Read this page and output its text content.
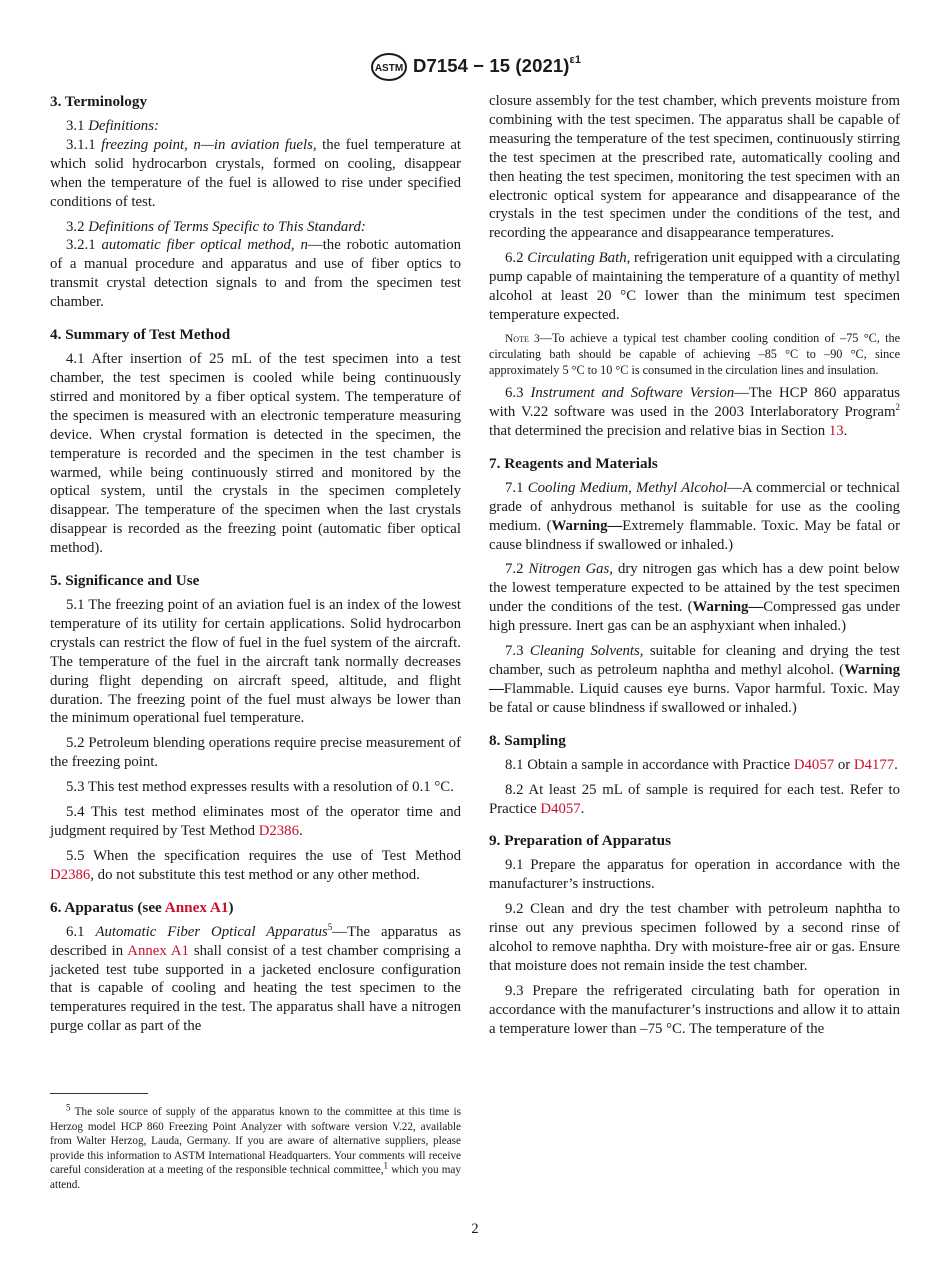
ASTM D7154 − 15 $(2021)^{\varepsilon 1}$
3. Terminology

3.1 Definitions:

3.1.1 freezing point, n—in aviation fuels, the fuel temperature at which solid hydrocarbon crystals, formed on cooling, disappear when the temperature of the fuel is allowed to rise under specified conditions of test.

3.2 Definitions of Terms Specific to This Standard:

3.2.1 automatic fiber optical method, n—the robotic automation of a manual procedure and apparatus and use of fiber optics to transmit crystal detection signals to and from the specimen test chamber.

4. Summary of Test Method

4.1 After insertion of 25 mL of the test specimen into a test chamber, the test specimen is cooled while being continuously stirred and monitored by a fiber optical system. The temperature of the specimen is measured with an electronic temperature measuring device. When crystal formation is detected in the specimen, the temperature is recorded and the specimen in the test chamber is warmed, while being continuously stirred and monitored by the optical system, until the crystals in the specimen completely disappear. The temperature of the specimen when the last crystals disappear is recorded as the freezing point (automatic fiber optical method).

5. Significance and Use

5.1 The freezing point of an aviation fuel is an index of the lowest temperature of its utility for certain applications. Solid hydrocarbon crystals can restrict the flow of fuel in the fuel system of the aircraft. The temperature of the fuel in the aircraft tank normally decreases during flight depending on aircraft speed, altitude, and flight duration. The freezing point of the fuel must always be lower than the minimum operational fuel temperature.

5.2 Petroleum blending operations require precise measurement of the freezing point.

5.3 This test method expresses results with a resolution of 0.1 °C.

5.4 This test method eliminates most of the operator time and judgment required by Test Method D2386.

5.5 When the specification requires the use of Test Method D2386, do not substitute this test method or any other method.

6. Apparatus (see Annex A1)

6.1 Automatic Fiber Optical Apparatus$^5$—The apparatus as described in Annex A1 shall consist of a test chamber comprising a jacketed test tube supported in a jacketed enclosure configuration that is capable of cooling and heating the test specimen to the temperatures required in the test. The apparatus shall have a nitrogen purge collar as part of the

$^5$ The sole source of supply of the apparatus known to the committee at this time is Herzog model HCP 860 Freezing Point Analyzer with software version V.22, available from Walter Herzog, Lauda, Germany. If you are aware of alternative suppliers, please provide this information to ASTM International Headquarters. Your comments will receive careful consideration at a meeting of the responsible technical committee,$^1$ which you may attend.

closure assembly for the test chamber, which prevents moisture from combining with the test specimen. The apparatus shall be capable of measuring the temperature of the test specimen, continuously stirring the test specimen at the prescribed rate, automatically cooling and then heating the test specimen, monitoring the test specimen with an electronic optical system for appearance and disappearance of the crystals in the test specimen under the conditions of the test, and recording the appearance and disappearance temperatures.

6.2 Circulating Bath, refrigeration unit equipped with a circulating pump capable of maintaining the temperature of a quantity of methyl alcohol at least 20 °C lower than the minimum test specimen temperature expected.

Note 3—To achieve a typical test chamber cooling condition of –75 °C, the circulating bath should be capable of achieving –85 °C to –90 °C, since approximately 5 °C to 10 °C is consumed in the circulation lines and insulation.

6.3 Instrument and Software Version—The HCP 860 apparatus with V.22 software was used in the 2003 Interlaboratory Program$^2$ that determined the precision and relative bias in Section 13.

7. Reagents and Materials

7.1 Cooling Medium, Methyl Alcohol—A commercial or technical grade of anhydrous methanol is suitable for use as the cooling medium. (Warning—Extremely flammable. Toxic. May be fatal or cause blindness if swallowed or inhaled.)

7.2 Nitrogen Gas, dry nitrogen gas which has a dew point below the lowest temperature expected to be attained by the test specimen under the conditions of the test. (Warning—Compressed gas under high pressure. Inert gas can be an asphyxiant when inhaled.)

7.3 Cleaning Solvents, suitable for cleaning and drying the test chamber, such as petroleum naphtha and methyl alcohol. (Warning—Flammable. Liquid causes eye burns. Vapor harmful. Toxic. May be fatal or cause blindness if swallowed or inhaled.)

8. Sampling

8.1 Obtain a sample in accordance with Practice D4057 or D4177.

8.2 At least 25 mL of sample is required for each test. Refer to Practice D4057.

9. Preparation of Apparatus

9.1 Prepare the apparatus for operation in accordance with the manufacturer’s instructions.

9.2 Clean and dry the test chamber with petroleum naphtha to rinse out any previous specimen followed by a second rinse of alcohol to remove naphtha. Dry with moisture-free air or gas. Ensure that moisture does not remain inside the test chamber.

9.3 Prepare the refrigerated circulating bath for operation in accordance with the manufacturer’s instructions and allow it to attain a temperature lower than –75 °C. The temperature of the

2
